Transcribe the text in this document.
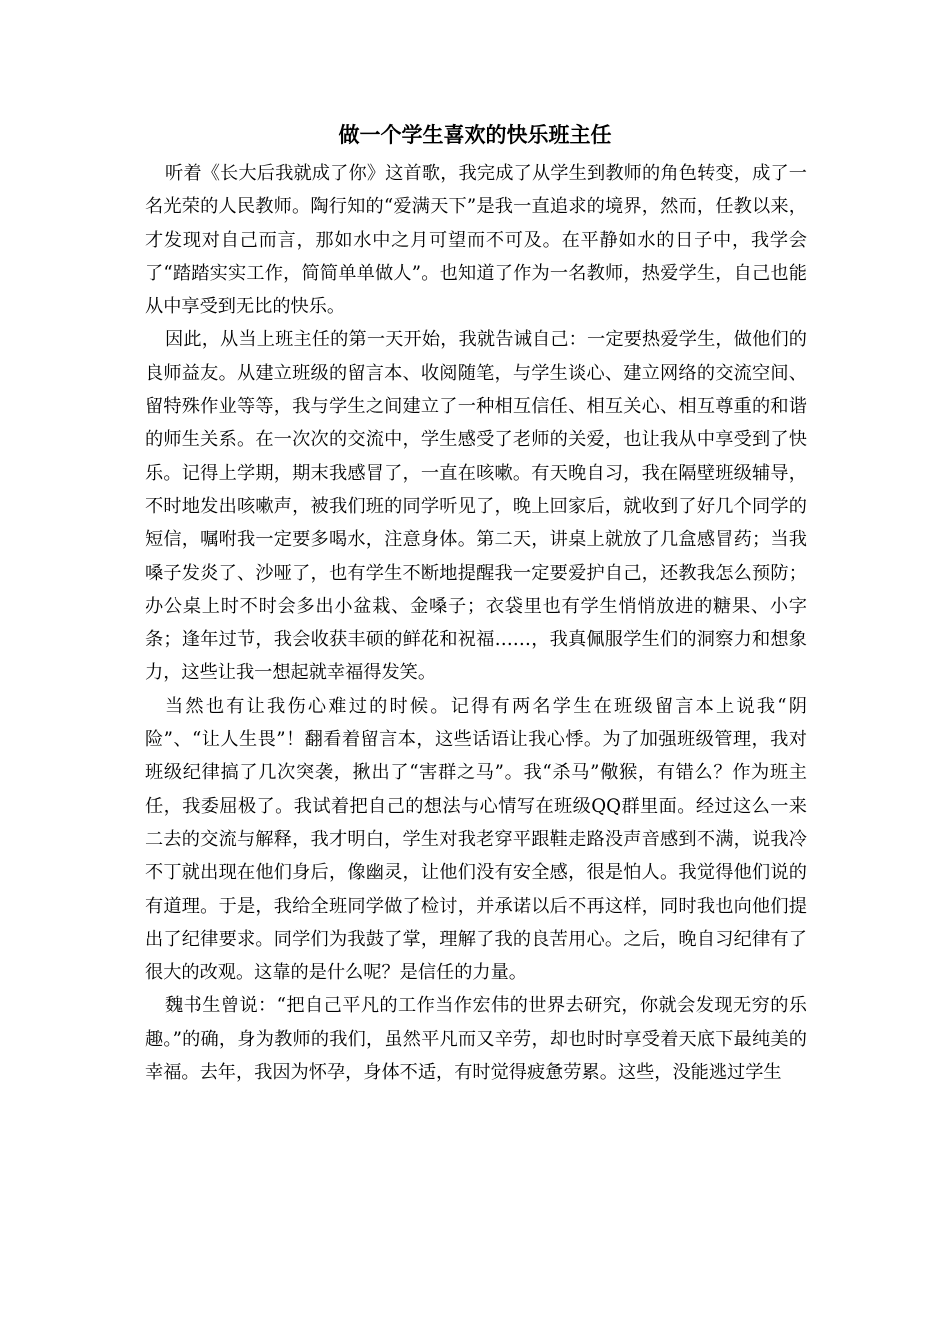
做一个学生喜欢的快乐班主任

听着《长大后我就成了你》这首歌，我完成了从学生到教师的角色转变，成了一名光荣的人民教师。陶行知的“爱满天下”是我一直追求的境界，然而，任教以来，才发现对自己而言，那如水中之月可望而不可及。在平静如水的日子中，我学会了“踏踏实实工作，简简单单做人”。也知道了作为一名教师，热爱学生，自己也能从中享受到无比的快乐。

因此，从当上班主任的第一天开始，我就告诫自己：一定要热爱学生，做他们的良师益友。从建立班级的留言本、收阅随笔，与学生谈心、建立网络的交流空间、留特殊作业等等，我与学生之间建立了一种相互信任、相互关心、相互尊重的和谐的师生关系。在一次次的交流中，学生感受了老师的关爱，也让我从中享受到了快乐。记得上学期，期末我感冒了，一直在咳嗽。有天晚自习，我在隔壁班级辅导，不时地发出咳嗽声，被我们班的同学听见了，晚上回家后，就收到了好几个同学的短信，嘱咐我一定要多喝水，注意身体。第二天，讲桌上就放了几盒感冒药；当我嗓子发炎了、沙哑了，也有学生不断地提醒我一定要爱护自己，还教我怎么预防；办公桌上时不时会多出小盆栽、金嗓子；衣袋里也有学生悄悄放进的糖果、小字条；逢年过节，我会收获丰硕的鲜花和祝福……，我真佩服学生们的洞察力和想象力，这些让我一想起就幸福得发笑。

当然也有让我伤心难过的时候。记得有两名学生在班级留言本上说我“阴险”、“让人生畏”！翻看着留言本，这些话语让我心悸。为了加强班级管理，我对班级纪律搞了几次突袭，揪出了“害群之马”。我“杀马”儆猴，有错么？作为班主任，我委屈极了。我试着把自己的想法与心情写在班级QQ群里面。经过这么一来二去的交流与解释，我才明白，学生对我老穿平跟鞋走路没声音感到不满，说我冷不丁就出现在他们身后，像幽灵，让他们没有安全感，很是怕人。我觉得他们说的有道理。于是，我给全班同学做了检讨，并承诺以后不再这样，同时我也向他们提出了纪律要求。同学们为我鼓了掌，理解了我的良苦用心。之后，晚自习纪律有了很大的改观。这靠的是什么呢？是信任的力量。

魏书生曾说：“把自己平凡的工作当作宏伟的世界去研究，你就会发现无穷的乐趣。”的确，身为教师的我们，虽然平凡而又辛劳，却也时时享受着天底下最纯美的幸福。去年，我因为怀孕，身体不适，有时觉得疲惫劳累。这些，没能逃过学生
